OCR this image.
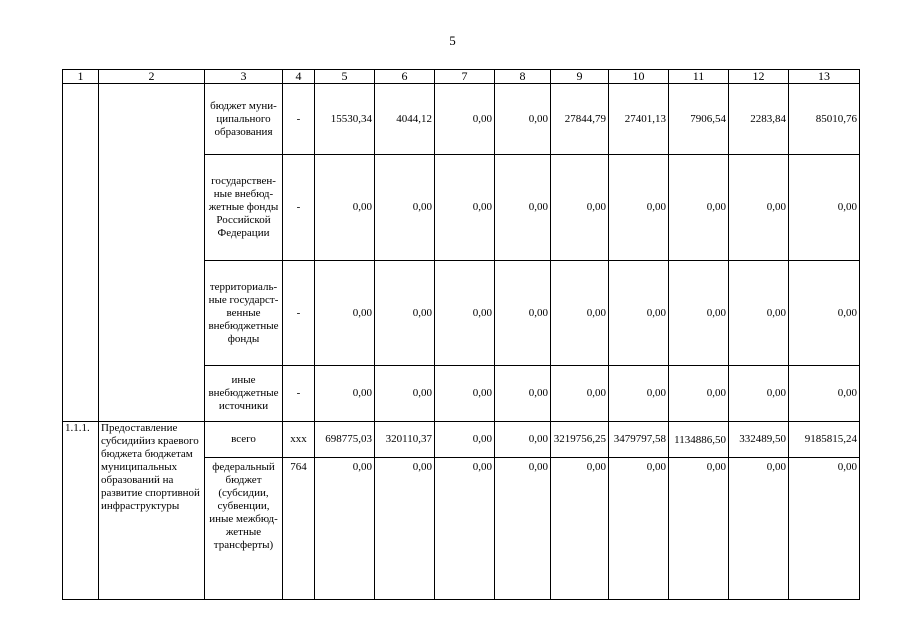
5
1	2	3	4	5	6	7	8	9	10	11	12	13
		бюджет муни-ципального образования	-	15530,34	4044,12	0,00	0,00	27844,79	27401,13	7906,54	2283,84	85010,76
		государствен-ные внебюд-жетные фонды Российской Федерации	-	0,00	0,00	0,00	0,00	0,00	0,00	0,00	0,00	0,00
		территориаль-ные государст-венные внебюджетные фонды	-	0,00	0,00	0,00	0,00	0,00	0,00	0,00	0,00	0,00
		иные внебюджетные источники	-	0,00	0,00	0,00	0,00	0,00	0,00	0,00	0,00	0,00
1.1.1.	Предоставление субсидийиз краевого бюджета бюджетам муниципальных образований на развитие спортивной инфраструктуры	всего	xxx	698775,03	320110,37	0,00	0,00	3219756,25	3479797,58	1134886,50	332489,50	9185815,24
		федеральный бюджет (субсидии, субвенции, иные межбюд-жетные трансферты)	764	0,00	0,00	0,00	0,00	0,00	0,00	0,00	0,00	0,00
